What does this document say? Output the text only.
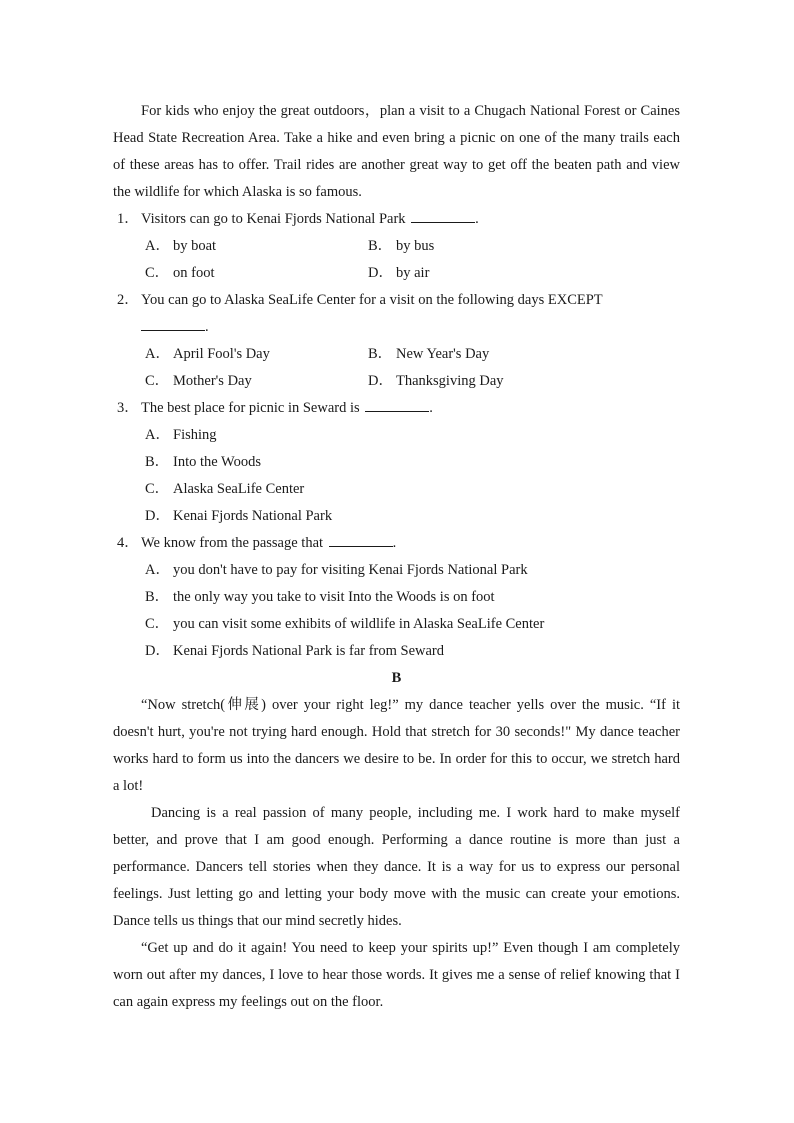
For kids who enjoy the great outdoors，plan a visit to a Chugach National Forest or Caines Head State Recreation Area. Take a hike and even bring a picnic on one of the many trails each of these areas has to offer. Trail rides are another great way to get off the beaten path and view the wildlife for which Alaska is so famous.

1． Visitors can go to Kenai Fjords National Park	.
A． by boat	B． by bus
C． on foot	D． by air
2． You can go to Alaska SeaLife Center for a visit on the following days EXCEPT
.
A． April Fool's Day	B． New Year's Day
C． Mother's Day	D． Thanksgiving Day
3． The best place for picnic in Seward is	.
A． Fishing
B． Into the Woods
C． Alaska SeaLife Center
D． Kenai Fjords National Park
4． We know from the passage that	.
A． you don't have to pay for visiting Kenai Fjords National Park
B． the only way you take to visit Into the Woods is on foot
C． you can visit some exhibits of wildlife in Alaska SeaLife Center
D． Kenai Fjords National Park is far from Seward

B

“Now stretch(伸展) over your right leg!” my dance teacher yells over the music. “If it doesn't hurt, you're not trying hard enough. Hold that stretch for 30 seconds!" My dance teacher works hard to form us into the dancers we desire to be. In order for this to occur, we stretch hard a lot!

Dancing is a real passion of many people, including me. I work hard to make myself better, and prove that I am good enough. Performing a dance routine is more than just a performance. Dancers tell stories when they dance. It is a way for us to express our personal feelings. Just letting go and letting your body move with the music can create your emotions. Dance tells us things that our mind secretly hides.

“Get up and do it again! You need to keep your spirits up!” Even though I am completely worn out after my dances, I love to hear those words. It gives me a sense of relief knowing that I can again express my feelings out on the floor.
